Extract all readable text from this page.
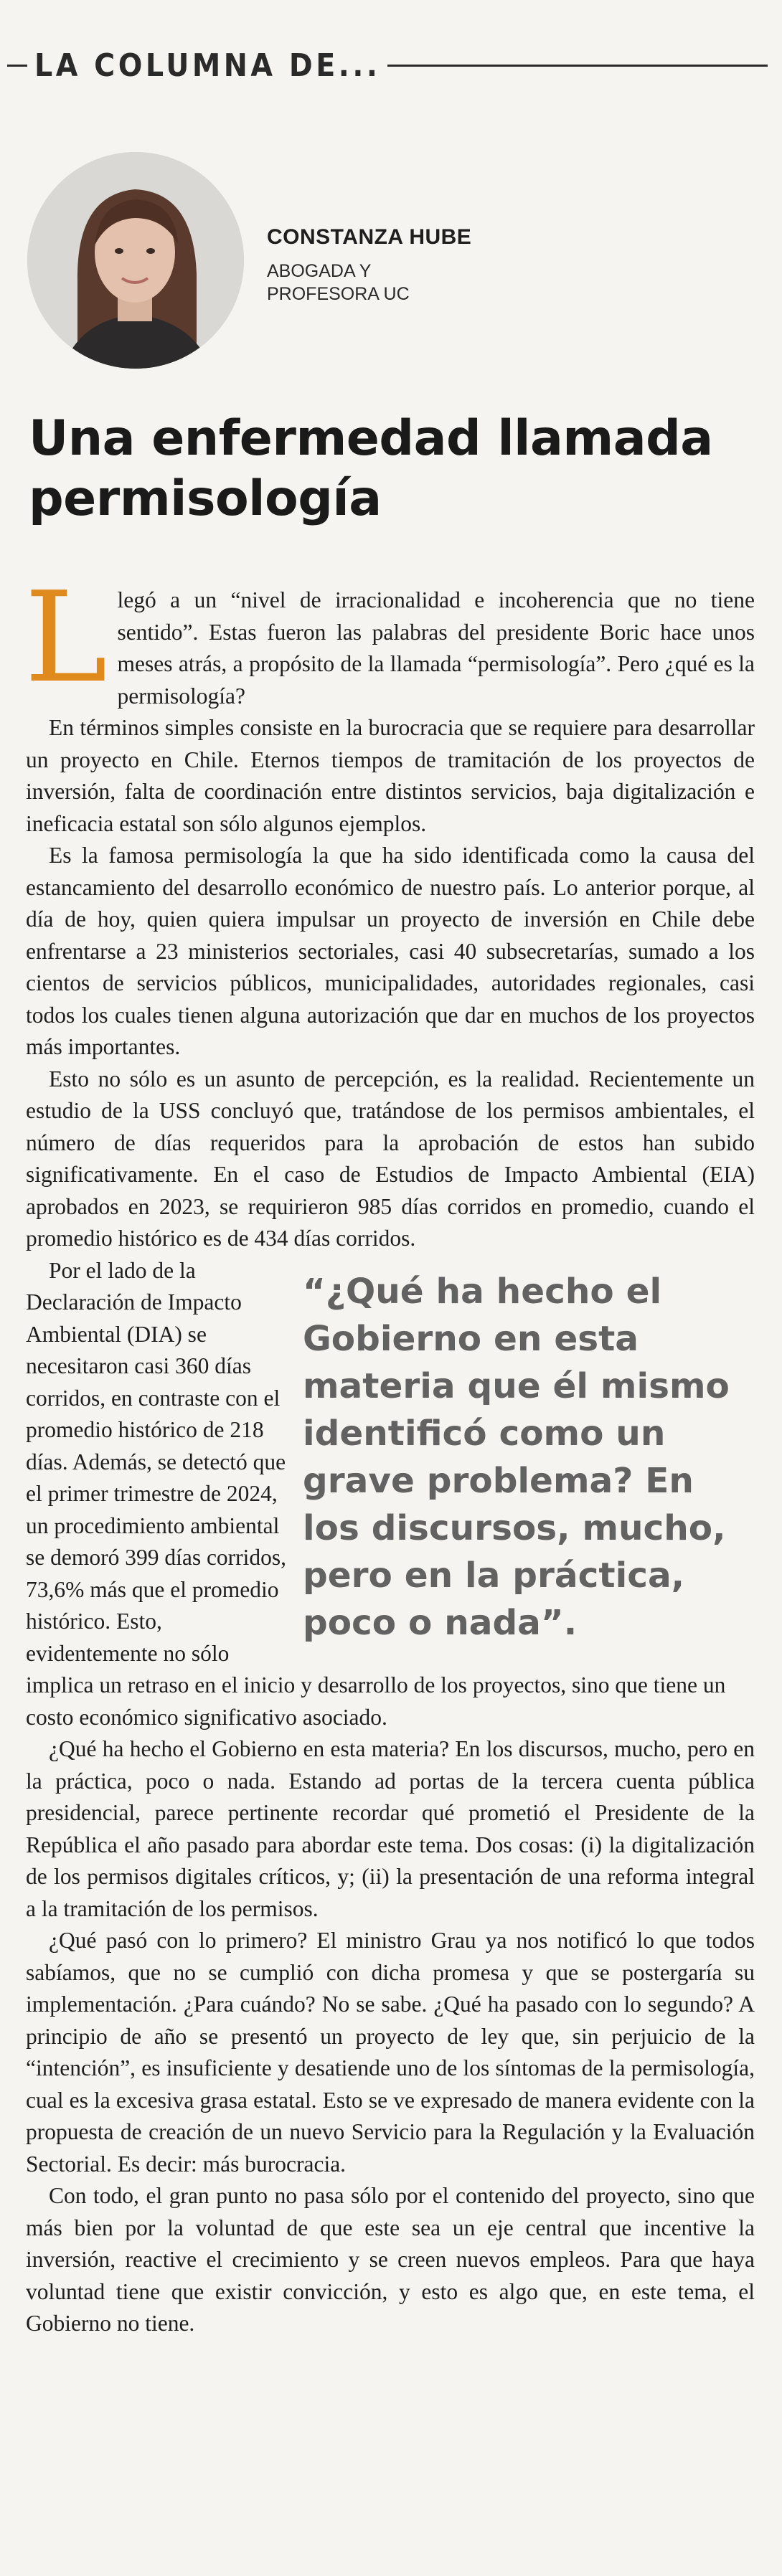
LA COLUMNA DE...
CONSTANZA HUBE
ABOGADA Y PROFESORA UC
Una enfermedad llamada permisología

Llegó a un “nivel de irracionalidad e incoherencia que no tiene sentido”. Estas fueron las palabras del presidente Boric hace unos meses atrás, a propósito de la llamada “permisología”. Pero ¿qué es la permisología?

En términos simples consiste en la burocracia que se requiere para desarrollar un proyecto en Chile. Eternos tiempos de tramitación de los proyectos de inversión, falta de coordinación entre distintos servicios, baja digitalización e ineficacia estatal son sólo algunos ejemplos.

Es la famosa permisología la que ha sido identificada como la causa del estancamiento del desarrollo económico de nuestro país. Lo anterior porque, al día de hoy, quien quiera impulsar un proyecto de inversión en Chile debe enfrentarse a 23 ministerios sectoriales, casi 40 subsecretarías, sumado a los cientos de servicios públicos, municipalidades, autoridades regionales, casi todos los cuales tienen alguna autorización que dar en muchos de los proyectos más importantes.

Esto no sólo es un asunto de percepción, es la realidad. Recientemente un estudio de la USS concluyó que, tratándose de los permisos ambientales, el número de días requeridos para la aprobación de estos han subido significativamente. En el caso de Estudios de Impacto Ambiental (EIA) aprobados en 2023, se requirieron 985 días corridos en promedio, cuando el promedio histórico es de 434 días corridos.

“¿Qué ha hecho el Gobierno en esta materia que él mismo identificó como un grave problema? En los discursos, mucho, pero en la práctica, poco o nada”.

Por el lado de la Declaración de Impacto Ambiental (DIA) se necesitaron casi 360 días corridos, en contraste con el promedio histórico de 218 días. Además, se detectó que el primer trimestre de 2024, un procedimiento ambiental se demoró 399 días corridos, 73,6% más que el promedio histórico. Esto, evidentemente no sólo implica un retraso en el inicio y desarrollo de los proyectos, sino que tiene un costo económico significativo asociado.

¿Qué ha hecho el Gobierno en esta materia? En los discursos, mucho, pero en la práctica, poco o nada. Estando ad portas de la tercera cuenta pública presidencial, parece pertinente recordar qué prometió el Presidente de la República el año pasado para abordar este tema. Dos cosas: (i) la digitalización de los permisos digitales críticos, y; (ii) la presentación de una reforma integral a la tramitación de los permisos.

¿Qué pasó con lo primero? El ministro Grau ya nos notificó lo que todos sabíamos, que no se cumplió con dicha promesa y que se postergaría su implementación. ¿Para cuándo? No se sabe. ¿Qué ha pasado con lo segundo? A principio de año se presentó un proyecto de ley que, sin perjuicio de la “intención”, es insuficiente y desatiende uno de los síntomas de la permisología, cual es la excesiva grasa estatal. Esto se ve expresado de manera evidente con la propuesta de creación de un nuevo Servicio para la Regulación y la Evaluación Sectorial. Es decir: más burocracia.

Con todo, el gran punto no pasa sólo por el contenido del proyecto, sino que más bien por la voluntad de que este sea un eje central que incentive la inversión, reactive el crecimiento y se creen nuevos empleos. Para que haya voluntad tiene que existir convicción, y esto es algo que, en este tema, el Gobierno no tiene.
